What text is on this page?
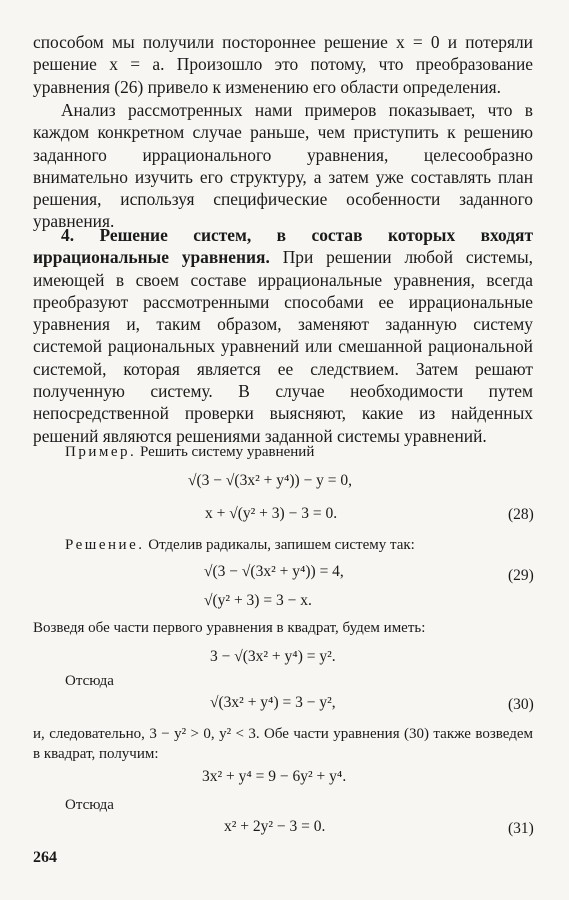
способом мы получили постороннее решение x = 0 и потеряли решение x = a. Произошло это потому, что преобразование уравнения (26) привело к изменению его области определения.

Анализ рассмотренных нами примеров показывает, что в каждом конкретном случае раньше, чем приступить к решению заданного иррационального уравнения, целесообразно внимательно изучить его структуру, а затем уже составлять план решения, используя специфические особенности заданного уравнения.

4. Решение систем, в состав которых входят иррациональные уравнения. При решении любой системы, имеющей в своем составе иррациональные уравнения, всегда преобразуют рассмотренными способами ее иррациональные уравнения и, таким образом, заменяют заданную систему системой рациональных уравнений или смешанной рациональной системой, которая является ее следствием. Затем решают полученную систему. В случае необходимости путем непосредственной проверки выясняют, какие из найденных решений являются решениями заданной системы уравнений.

Пример. Решить систему уравнений
√(3 − √(3x² + y⁴)) − y = 0,
x + √(y² + 3) − 3 = 0.	(28)
Решение. Отделив радикалы, запишем систему так:
√(3 − √(3x² + y⁴)) = 4,
√(y² + 3) = 3 − x.
(29)
Возведя обе части первого уравнения в квадрат, будем иметь:
3 − √(3x² + y⁴) = y².
Отсюда
√(3x² + y⁴) = 3 − y²,	(30)
и, следовательно, 3 − y² > 0, y² < 3. Обе части уравнения (30) также возведем в квадрат, получим:
3x² + y⁴ = 9 − 6y² + y⁴.
Отсюда
x² + 2y² − 3 = 0.	(31)
264
